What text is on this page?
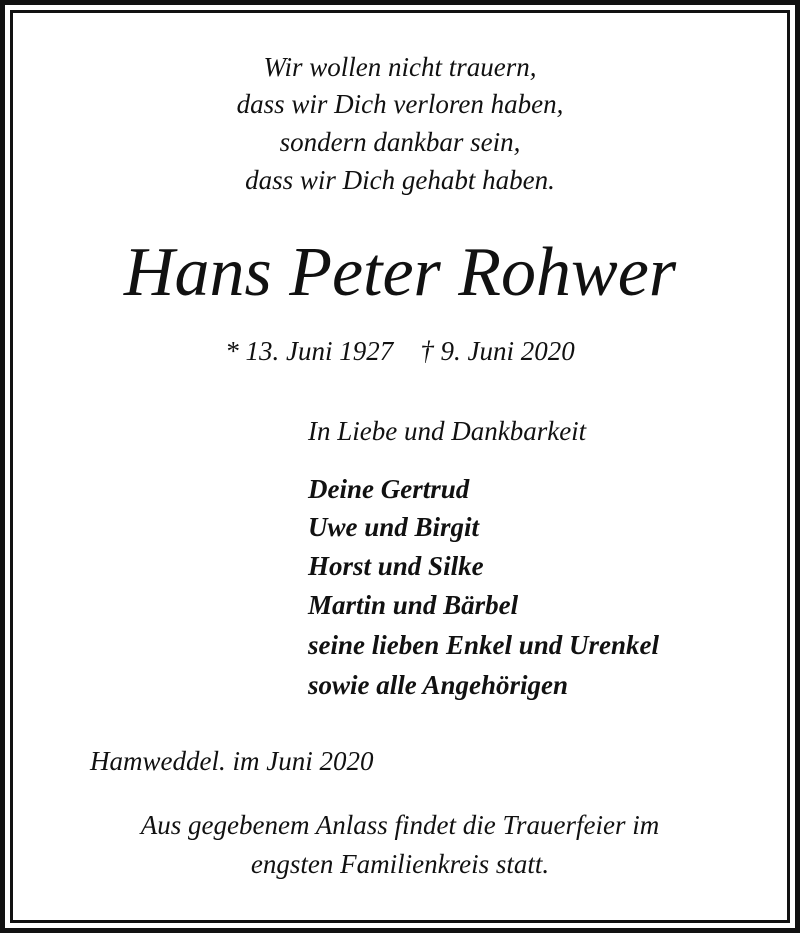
Wir wollen nicht trauern,
dass wir Dich verloren haben,
sondern dankbar sein,
dass wir Dich gehabt haben.
Hans Peter Rohwer
* 13. Juni 1927    † 9. Juni 2020
In Liebe und Dankbarkeit
Deine Gertrud
Uwe und Birgit
Horst und Silke
Martin und Bärbel
seine lieben Enkel und Urenkel
sowie alle Angehörigen
Hamweddel. im Juni 2020
Aus gegebenem Anlass findet die Trauerfeier im
engsten Familienkreis statt.
